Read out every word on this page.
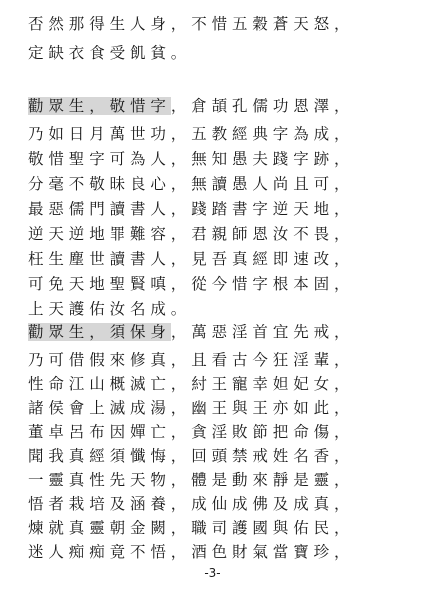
否然那得生人身，不惜五穀蒼天怒，
定缺衣食受飢貧。
勸眾生，敬惜字，倉頡孔儒功恩澤，
乃如日月萬世功，五教經典字為成，
敬惜聖字可為人，無知愚夫踐字跡，
分毫不敬昧良心，無讀愚人尚且可，
最惡儒門讀書人，踐踏書字逆天地，
逆天逆地罪難容，君親師恩汝不畏，
枉生塵世讀書人，見吾真經即速改，
可免天地聖賢嗔，從今惜字根本固，
上天護佑汝名成。
勸眾生，須保身，萬惡淫首宜先戒，
乃可借假來修真，且看古今狂淫輩，
性命江山概滅亡，紂王寵幸妲妃女，
諸侯會上滅成湯，幽王與王亦如此，
董卓呂布因嬋亡，貪淫敗節把命傷，
聞我真經須懺悔，回頭禁戒姓名香，
一靈真性先天物，體是動來靜是靈，
悟者栽培及涵養，成仙成佛及成真，
煉就真靈朝金闕，職司護國與佑民，
迷人痴痴竟不悟，酒色財氣當寶珍，
-3-
